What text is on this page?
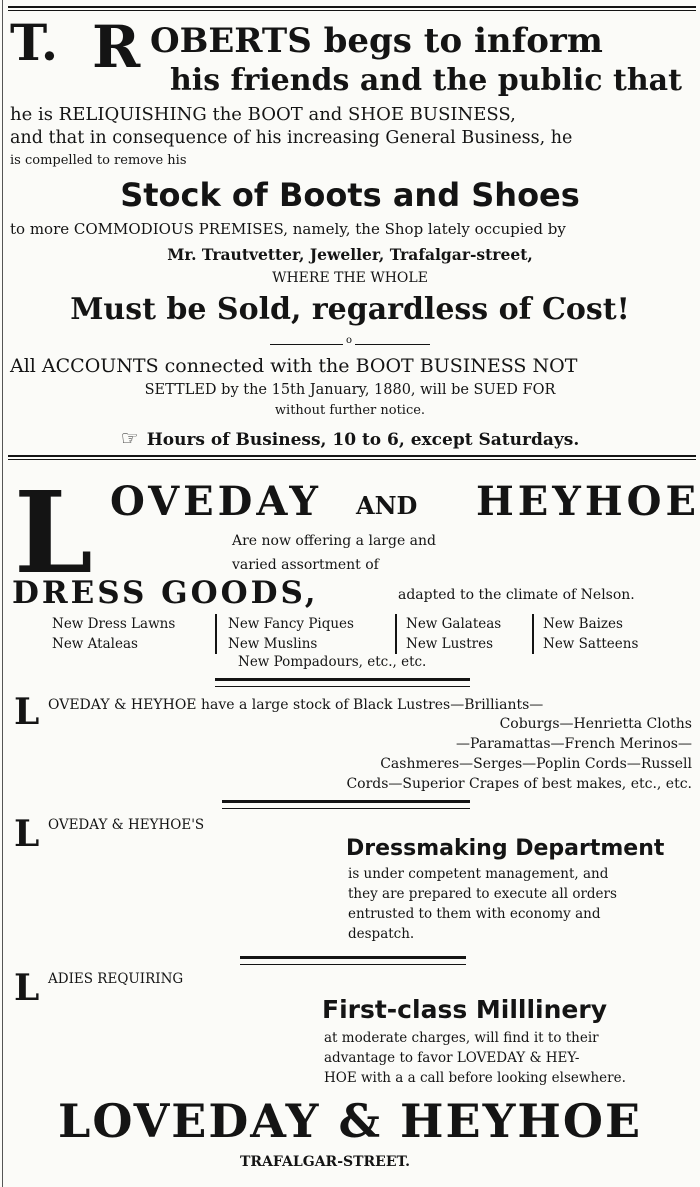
T. R OBERTS begs to inform
his friends and the public that
he is RELIQUISHING the BOOT and SHOE BUSINESS,
and that in consequence of his increasing General Business, he
is compelled to remove his
Stock of Boots and Shoes
to more COMMODIOUS PREMISES, namely, the Shop lately occupied by
Mr. Trautvetter, Jeweller, Trafalgar-street,
WHERE THE WHOLE
Must be Sold, regardless of Cost!
o
All ACCOUNTS connected with the BOOT BUSINESS NOT
SETTLED by the 15th January, 1880, will be SUED FOR
without further notice.
☞ Hours of Business, 10 to 6, except Saturdays.
L OVEDAY AND HEYHOE
Are now offering a large and
varied assortment of
DRESS GOODS,	adapted to the climate of Nelson.
New Dress Lawns
New Ataleas
New Fancy Piques
New Muslins
New Galateas
New Lustres
New Baizes
New Satteens
New Pompadours, etc., etc.
L OVEDAY & HEYHOE have a large stock of Black Lustres—Brilliants—
Coburgs—Henrietta Cloths
—Paramattas—French Merinos—
Cashmeres—Serges—Poplin Cords—Russell
Cords—Superior Crapes of best makes, etc., etc.
L OVEDAY & HEYHOE'S
Dressmaking Department
is under competent management, and
they are prepared to execute all orders
entrusted to them with economy and
despatch.
L ADIES REQUIRING
First-class Milllinery
at moderate charges, will find it to their
advantage to favor LOVEDAY & HEY-
HOE with a a call before looking elsewhere.
LOVEDAY & HEYHOE
TRAFALGAR-STREET.
